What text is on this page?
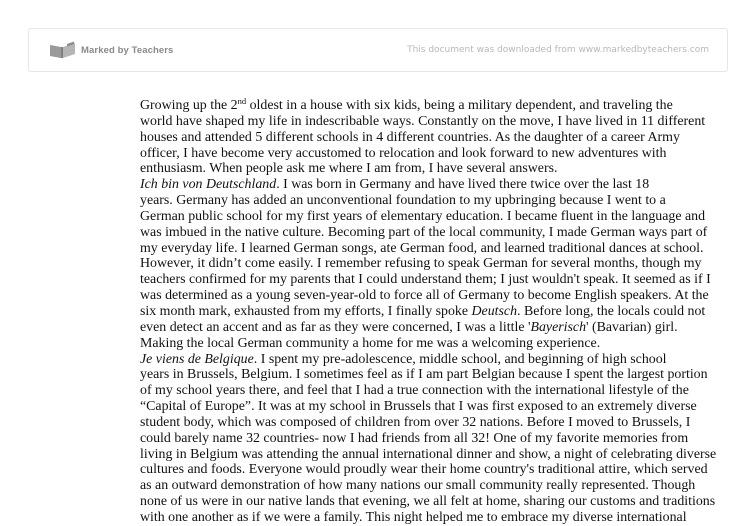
Marked by Teachers	This document was downloaded from www.markedbyteachers.com

Growing up the 2nd oldest in a house with six kids, being a military dependent, and traveling the
world have shaped my life in indescribable ways. Constantly on the move, I have lived in 11 different
houses and attended 5 different schools in 4 different countries. As the daughter of a career Army
officer, I have become very accustomed to relocation and look forward to new adventures with
enthusiasm. When people ask me where I am from, I have several answers.

Ich bin von Deutschland. I was born in Germany and have lived there twice over the last 18
years. Germany has added an unconventional foundation to my upbringing because I went to a
German public school for my first years of elementary education. I became fluent in the language and
was imbued in the native culture. Becoming part of the local community, I made German ways part of
my everyday life. I learned German songs, ate German food, and learned traditional dances at school.
However, it didn’t come easily. I remember refusing to speak German for several months, though my
teachers confirmed for my parents that I could understand them; I just wouldn't speak. It seemed as if I
was determined as a young seven-year-old to force all of Germany to become English speakers. At the
six month mark, exhausted from my efforts, I finally spoke Deutsch. Before long, the locals could not
even detect an accent and as far as they were concerned, I was a little 'Bayerisch' (Bavarian) girl.
Making the local German community a home for me was a welcoming experience.

Je viens de Belgique. I spent my pre-adolescence, middle school, and beginning of high school
years in Brussels, Belgium. I sometimes feel as if I am part Belgian because I spent the largest portion
of my school years there, and feel that I had a true connection with the international lifestyle of the
“Capital of Europe”. It was at my school in Brussels that I was first exposed to an extremely diverse
student body, which was composed of children from over 32 nations. Before I moved to Brussels, I
could barely name 32 countries- now I had friends from all 32! One of my favorite memories from
living in Belgium was attending the annual international dinner and show, a night of celebrating diverse
cultures and foods. Everyone would proudly wear their home country's traditional attire, which served
as an outward demonstration of how many nations our small community really represented. Though
none of us were in our native lands that evening, we all felt at home, sharing our customs and traditions
with one another as if we were a family. This night helped me to embrace my diverse international
